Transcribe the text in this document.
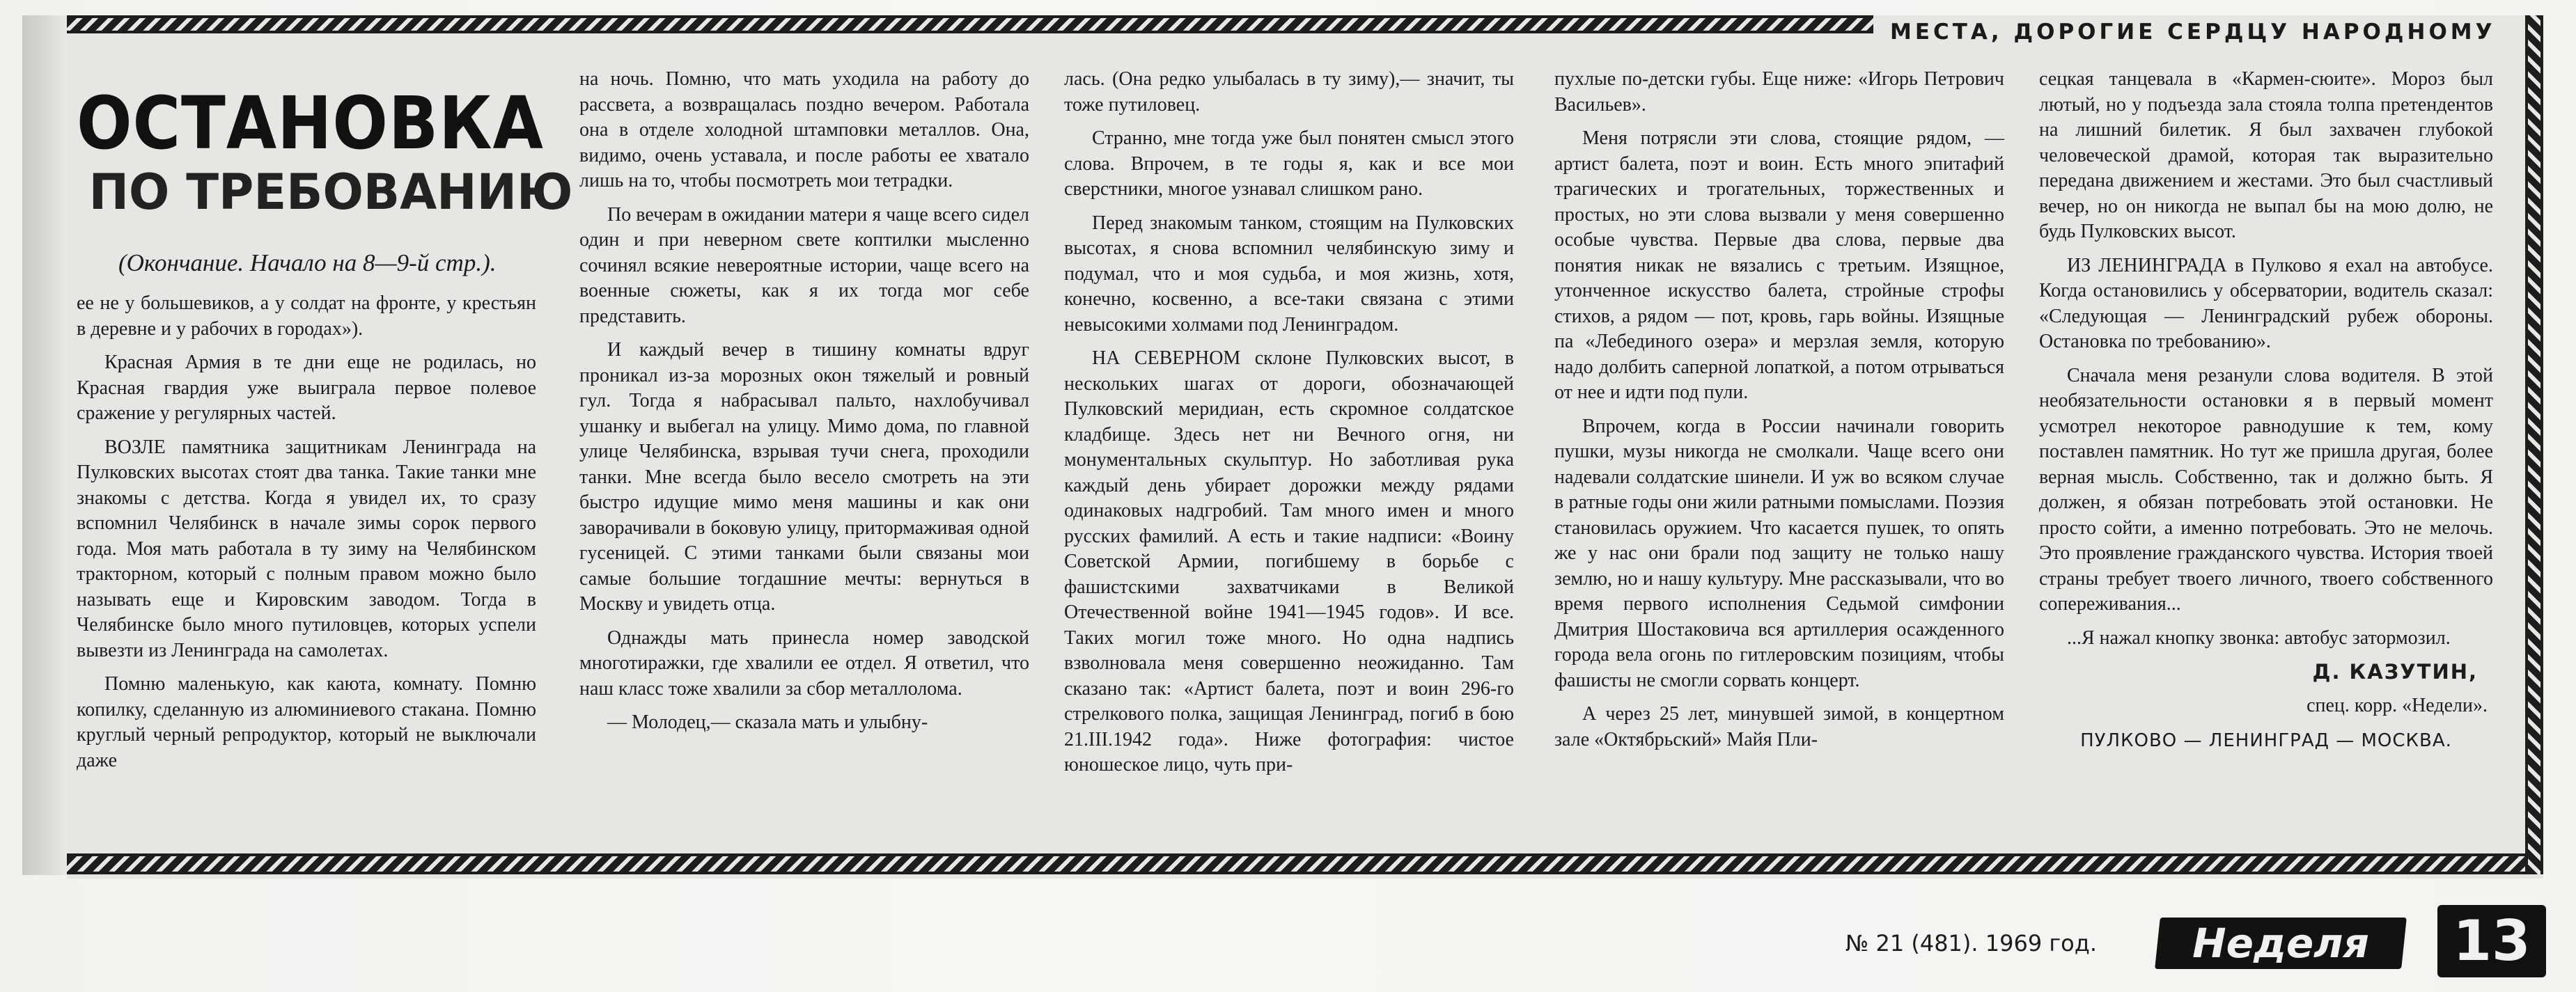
МЕСТА, ДОРОГИЕ СЕРДЦУ НАРОДНОМУ
ОСТАНОВКА
ПО ТРЕБОВАНИЮ
(Окончание. Начало на 8—9-й стр.).

ее не у большевиков, а у солдат на фронте, у крестьян в деревне и у рабочих в городах»).

Красная Армия в те дни еще не родилась, но Красная гвардия уже выиграла первое полевое сражение у регулярных частей.

ВОЗЛЕ памятника защитникам Ленинграда на Пулковских высотах стоят два танка. Такие танки мне знакомы с детства. Когда я увидел их, то сразу вспомнил Челябинск в начале зимы сорок первого года. Моя мать работала в ту зиму на Челябинском тракторном, который с полным правом можно было называть еще и Кировским заводом. Тогда в Челябинске было много путиловцев, которых успели вывезти из Ленинграда на самолетах.

Помню маленькую, как каюта, комнату. Помню копилку, сделанную из алюминиевого стакана. Помню круглый черный репродуктор, который не выключали даже

на ночь. Помню, что мать уходила на работу до рассвета, а возвращалась поздно вечером. Работала она в отделе холодной штамповки металлов. Она, видимо, очень уставала, и после работы ее хватало лишь на то, чтобы посмотреть мои тетрадки.

По вечерам в ожидании матери я чаще всего сидел один и при неверном свете коптилки мысленно сочинял всякие невероятные истории, чаще всего на военные сюжеты, как я их тогда мог себе представить.

И каждый вечер в тишину комнаты вдруг проникал из-за морозных окон тяжелый и ровный гул. Тогда я набрасывал пальто, нахлобучивал ушанку и выбегал на улицу. Мимо дома, по главной улице Челябинска, взрывая тучи снега, проходили танки. Мне всегда было весело смотреть на эти быстро идущие мимо меня машины и как они заворачивали в боковую улицу, притормаживая одной гусеницей. С этими танками были связаны мои самые большие тогдашние мечты: вернуться в Москву и увидеть отца.

Однажды мать принесла номер заводской многотиражки, где хвалили ее отдел. Я ответил, что наш класс тоже хвалили за сбор металлолома.

— Молодец,— сказала мать и улыбну-

лась. (Она редко улыбалась в ту зиму),— значит, ты тоже путиловец.

Странно, мне тогда уже был понятен смысл этого слова. Впрочем, в те годы я, как и все мои сверстники, многое узнавал слишком рано.

Перед знакомым танком, стоящим на Пулковских высотах, я снова вспомнил челябинскую зиму и подумал, что и моя судьба, и моя жизнь, хотя, конечно, косвенно, а все-таки связана с этими невысокими холмами под Ленинградом.

НА СЕВЕРНОМ склоне Пулковских высот, в нескольких шагах от дороги, обозначающей Пулковский меридиан, есть скромное солдатское кладбище. Здесь нет ни Вечного огня, ни монументальных скульптур. Но заботливая рука каждый день убирает дорожки между рядами одинаковых надгробий. Там много имен и много русских фамилий. А есть и такие надписи: «Воину Советской Армии, погибшему в борьбе с фашистскими захватчиками в Великой Отечественной войне 1941—1945 годов». И все. Таких могил тоже много. Но одна надпись взволновала меня совершенно неожиданно. Там сказано так: «Артист балета, поэт и воин 296-го стрелкового полка, защищая Ленинград, погиб в бою 21.III.1942 года». Ниже фотография: чистое юношеское лицо, чуть при-

пухлые по-детски губы. Еще ниже: «Игорь Петрович Васильев».

Меня потрясли эти слова, стоящие рядом, —артист балета, поэт и воин. Есть много эпитафий трагических и трогательных, торжественных и простых, но эти слова вызвали у меня совершенно особые чувства. Первые два слова, первые два понятия никак не вязались с третьим. Изящное, утонченное искусство балета, стройные строфы стихов, а рядом — пот, кровь, гарь войны. Изящные па «Лебединого озера» и мерзлая земля, которую надо долбить саперной лопаткой, а потом отрываться от нее и идти под пули.

Впрочем, когда в России начинали говорить пушки, музы никогда не смолкали. Чаще всего они надевали солдатские шинели. И уж во всяком случае в ратные годы они жили ратными помыслами. Поэзия становилась оружием. Что касается пушек, то опять же у нас они брали под защиту не только нашу землю, но и нашу культуру. Мне рассказывали, что во время первого исполнения Седьмой симфонии Дмитрия Шостаковича вся артиллерия осажденного города вела огонь по гитлеровским позициям, чтобы фашисты не смогли сорвать концерт.

А через 25 лет, минувшей зимой, в концертном зале «Октябрьский» Майя Пли-

сецкая танцевала в «Кармен-сюите». Мороз был лютый, но у подъезда зала стояла толпа претендентов на лишний билетик. Я был захвачен глубокой человеческой драмой, которая так выразительно передана движением и жестами. Это был счастливый вечер, но он никогда не выпал бы на мою долю, не будь Пулковских высот.

ИЗ ЛЕНИНГРАДА в Пулково я ехал на автобусе. Когда остановились у обсерватории, водитель сказал: «Следующая — Ленинградский рубеж обороны. Остановка по требованию».

Сначала меня резанули слова водителя. В этой необязательности остановки я в первый момент усмотрел некоторое равнодушие к тем, кому поставлен памятник. Но тут же пришла другая, более верная мысль. Собственно, так и должно быть. Я должен, я обязан потребовать этой остановки. Не просто сойти, а именно потребовать. Это не мелочь. Это проявление гражданского чувства. История твоей страны требует твоего личного, твоего собственного сопереживания...

...Я нажал кнопку звонка: автобус затормозил.

Д. КАЗУТИН,

спец. корр. «Недели».

ПУЛКОВО — ЛЕНИНГРАД — МОСКВА.

№ 21 (481). 1969 год.	Неделя	13
